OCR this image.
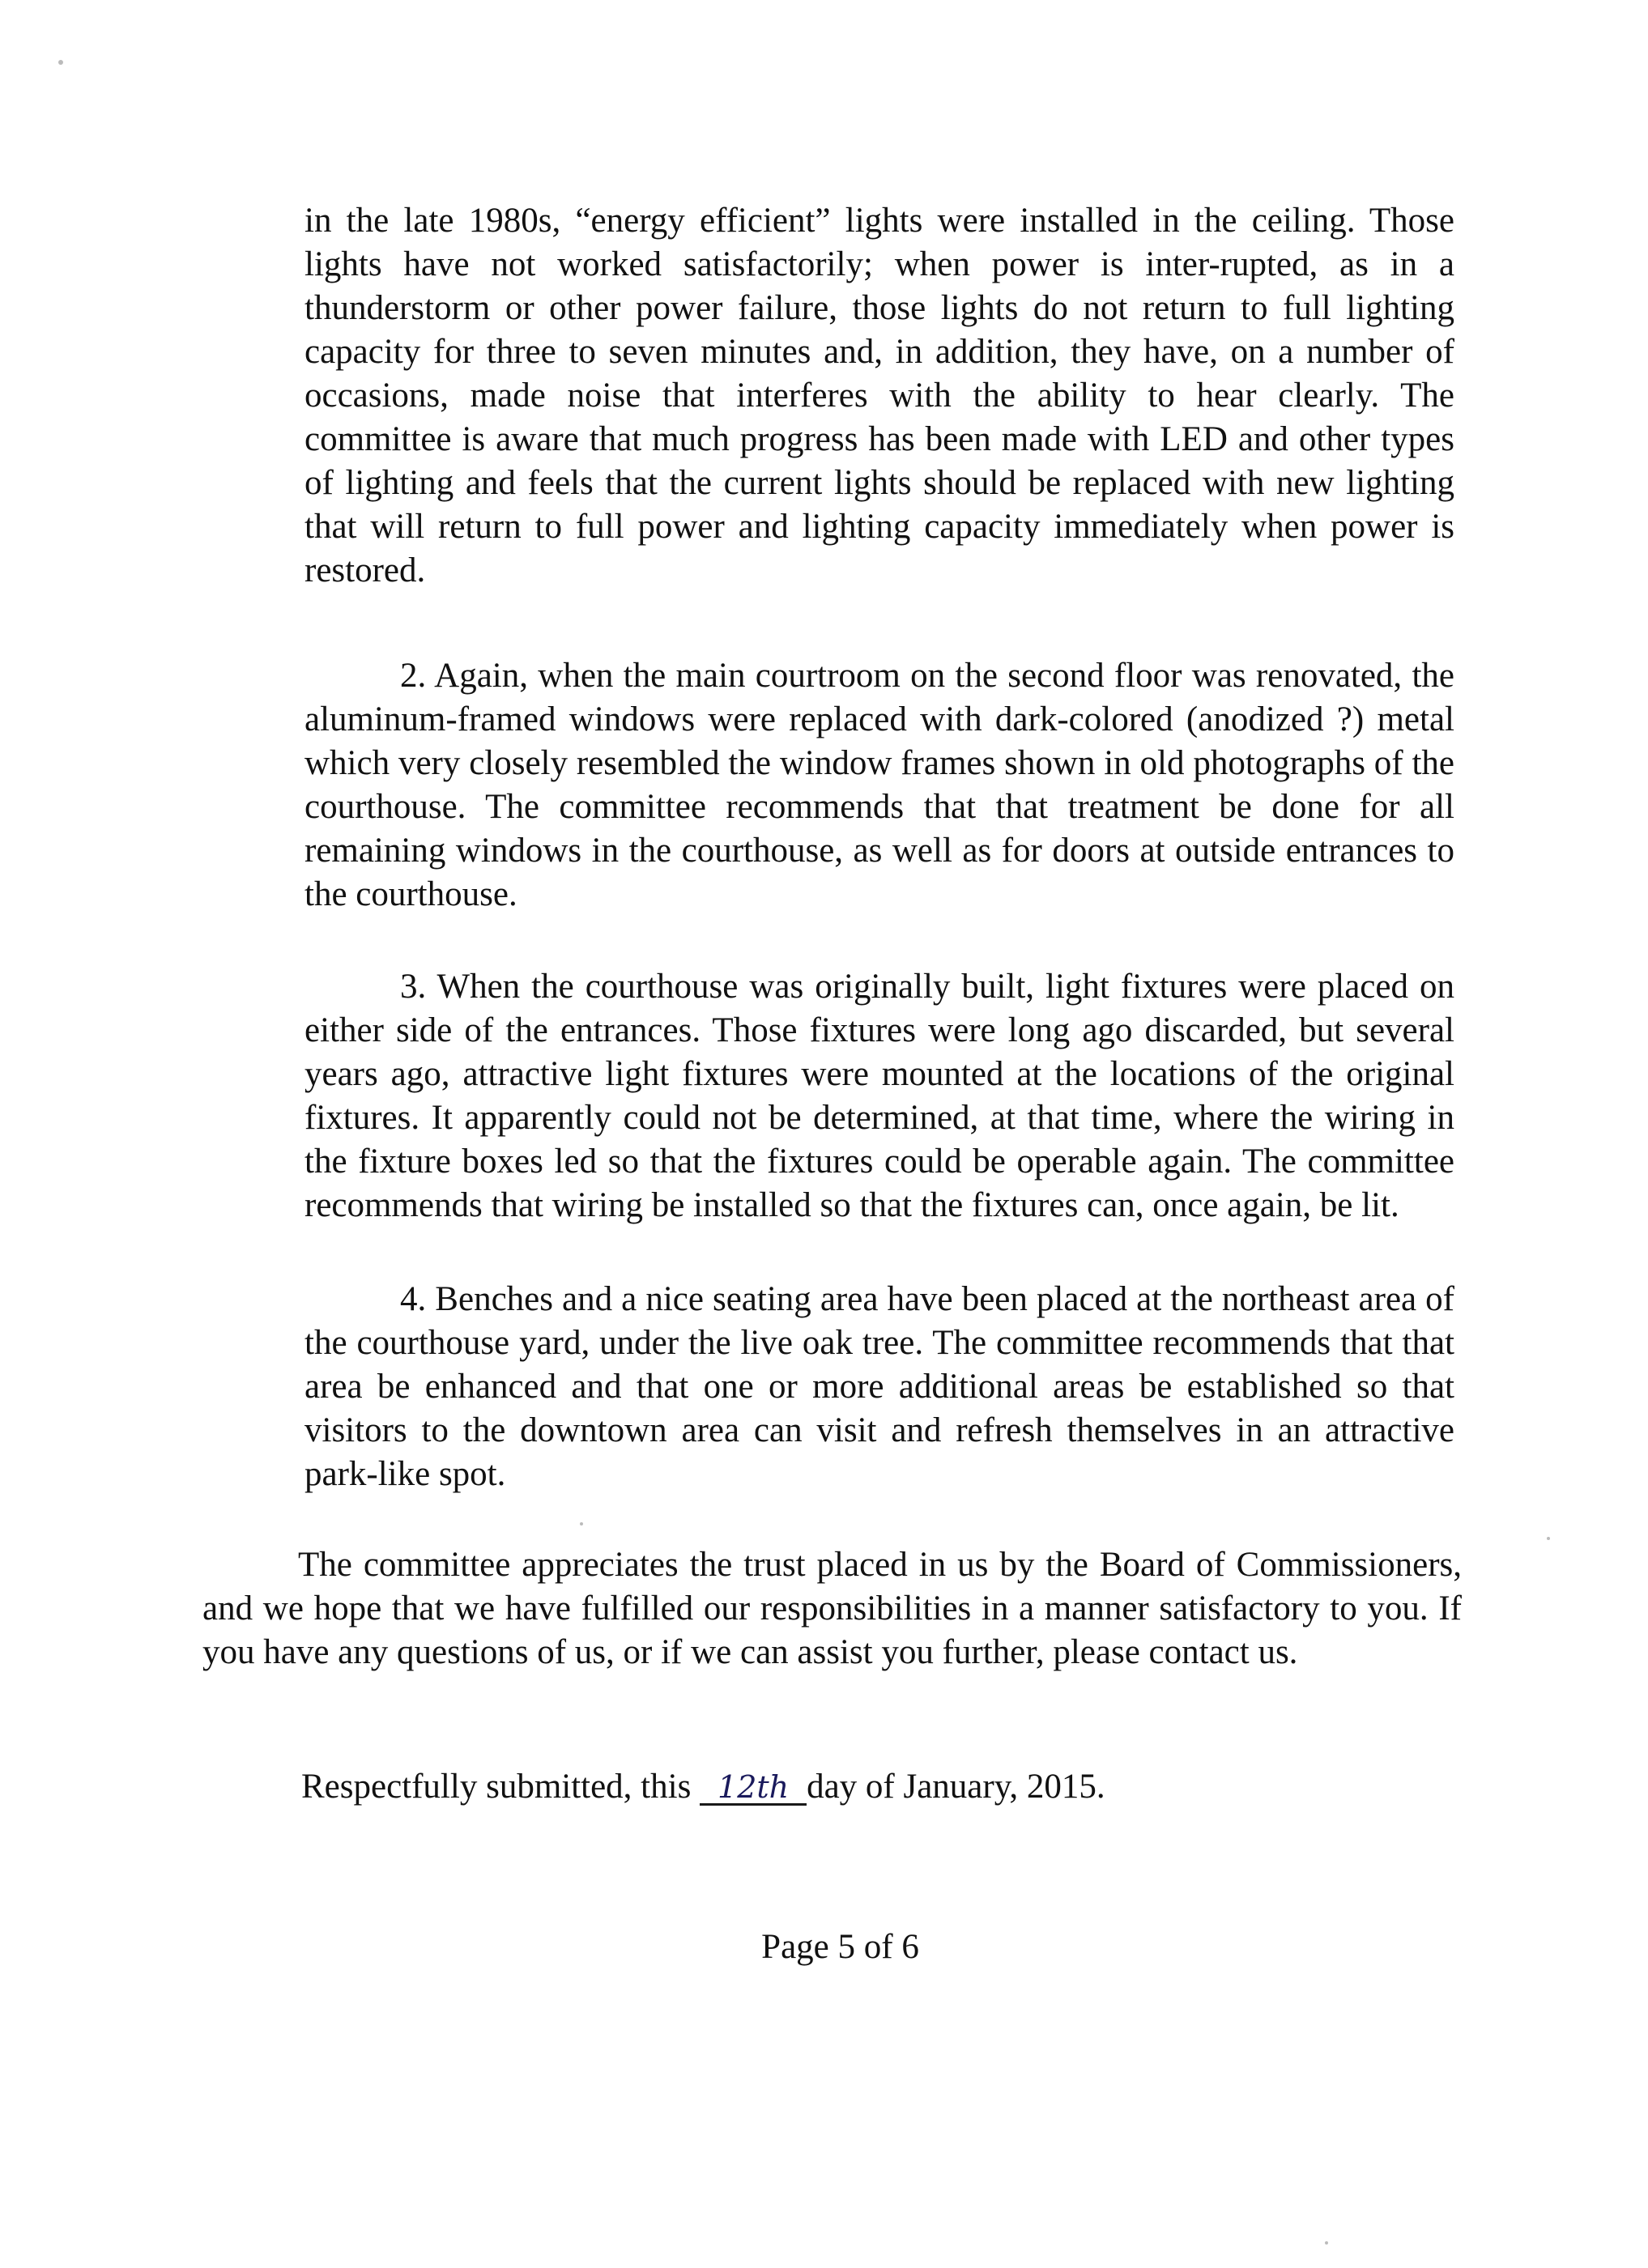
in the late 1980s, “energy efficient” lights were installed in the ceiling. Those lights have not worked satisfactorily; when power is inter-rupted, as in a thunderstorm or other power failure, those lights do not return to full lighting capacity for three to seven minutes and, in addition, they have, on a number of occasions, made noise that interferes with the ability to hear clearly. The committee is aware that much progress has been made with LED and other types of lighting and feels that the current lights should be replaced with new lighting that will return to full power and lighting capacity immediately when power is restored.
2. Again, when the main courtroom on the second floor was renovated, the aluminum-framed windows were replaced with dark-colored (anodized ?) metal which very closely resembled the window frames shown in old photographs of the courthouse. The committee recommends that that treatment be done for all remaining windows in the courthouse, as well as for doors at outside entrances to the courthouse.
3. When the courthouse was originally built, light fixtures were placed on either side of the entrances. Those fixtures were long ago discarded, but several years ago, attractive light fixtures were mounted at the locations of the original fixtures. It apparently could not be determined, at that time, where the wiring in the fixture boxes led so that the fixtures could be operable again. The committee recommends that wiring be installed so that the fixtures can, once again, be lit.
4. Benches and a nice seating area have been placed at the northeast area of the courthouse yard, under the live oak tree. The committee recommends that that area be enhanced and that one or more additional areas be established so that visitors to the downtown area can visit and refresh themselves in an attractive park-like spot.
The committee appreciates the trust placed in us by the Board of Commissioners, and we hope that we have fulfilled our responsibilities in a manner satisfactory to you. If you have any questions of us, or if we can assist you further, please contact us.
Respectfully submitted, this 12th day of January, 2015.
Page 5 of 6
